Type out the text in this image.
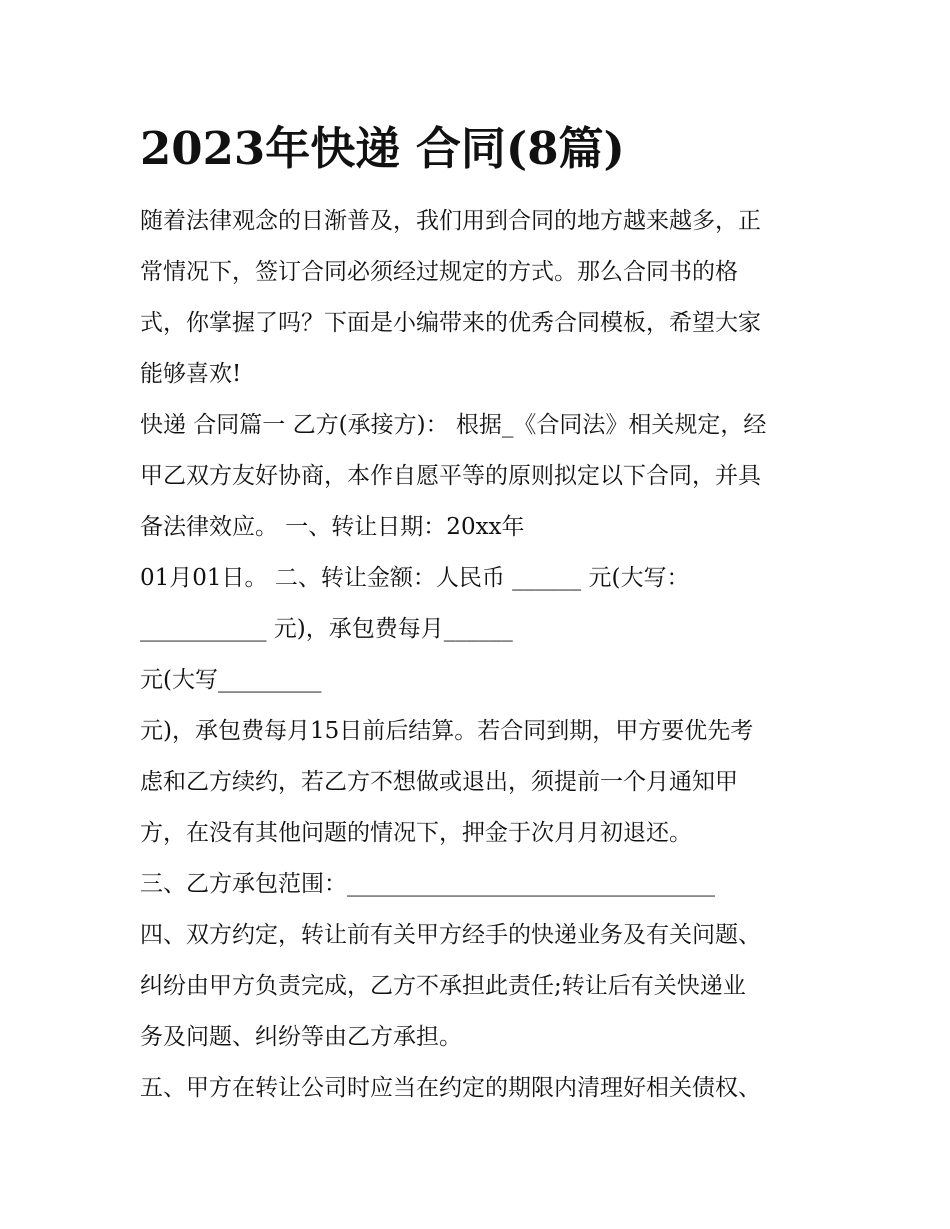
2023年快递 合同(8篇)
随着法律观念的日渐普及，我们用到合同的地方越来越多，正
常情况下，签订合同必须经过规定的方式。那么合同书的格
式，你掌握了吗？下面是小编带来的优秀合同模板，希望大家
能够喜欢!
快递 合同篇一 乙方(承接方)： 根据_《合同法》相关规定，经
甲乙双方友好协商，本作自愿平等的原则拟定以下合同，并具
备法律效应。 一、转让日期：20xx年
01月01日。 二、转让金额：人民币 ______ 元(大写：
___________ 元)，承包费每月______
元(大写_________
元)，承包费每月15日前后结算。若合同到期，甲方要优先考
虑和乙方续约，若乙方不想做或退出，须提前一个月通知甲
方，在没有其他问题的情况下，押金于次月月初退还。
三、乙方承包范围：________________________________
四、双方约定，转让前有关甲方经手的快递业务及有关问题、
纠纷由甲方负责完成，乙方不承担此责任;转让后有关快递业
务及问题、纠纷等由乙方承担。
五、甲方在转让公司时应当在约定的期限内清理好相关债权、
